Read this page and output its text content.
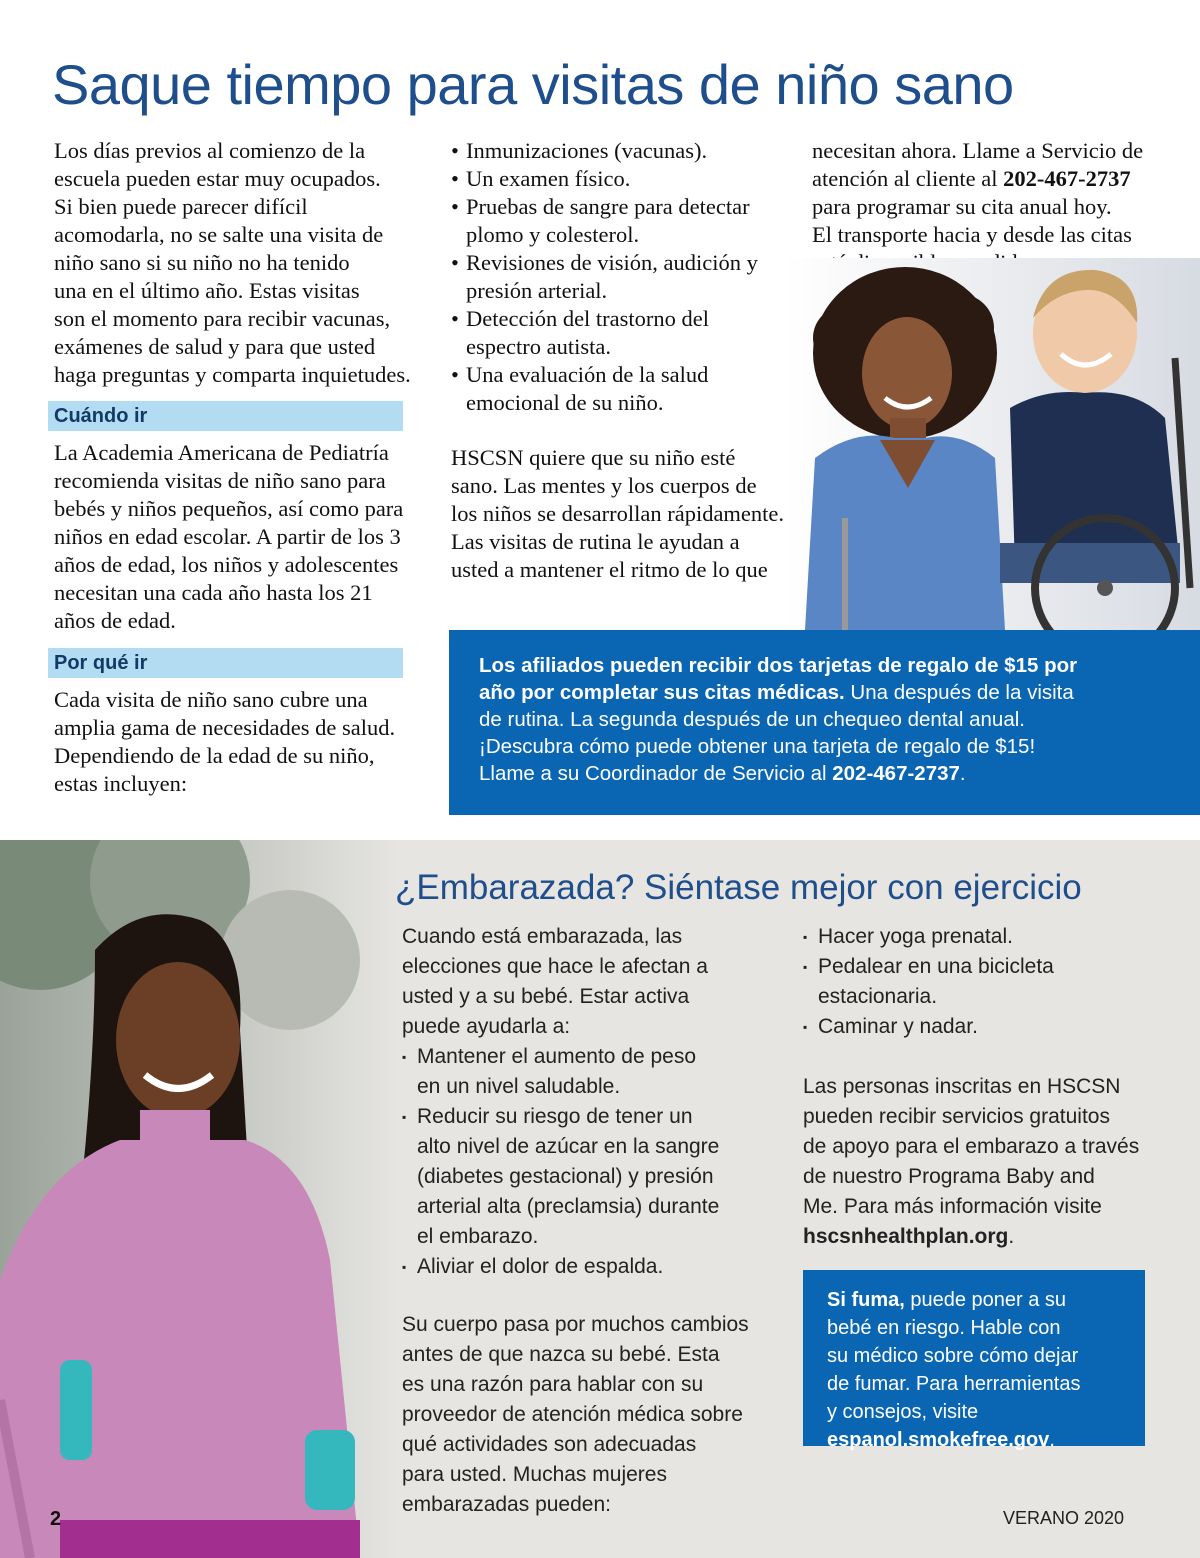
Saque tiempo para visitas de niño sano

Los días previos al comienzo de la

escuela pueden estar muy ocupados.

Si bien puede parecer difícil

acomodarla, no se salte una visita de

niño sano si su niño no ha tenido

una en el último año. Estas visitas

son el momento para recibir vacunas,

exámenes de salud y para que usted

haga preguntas y comparta inquietudes.

Cuándo ir

La Academia Americana de Pediatría

recomienda visitas de niño sano para

bebés y niños pequeños, así como para

niños en edad escolar. A partir de los 3

años de edad, los niños y adolescentes

necesitan una cada año hasta los 21

años de edad.

Por qué ir

Cada visita de niño sano cubre una

amplia gama de necesidades de salud.

Dependiendo de la edad de su niño,

estas incluyen:

• Inmunizaciones (vacunas).
• Un examen físico.
• Pruebas de sangre para detectar
plomo y colesterol.
• Revisiones de visión, audición y
presión arterial.
• Detección del trastorno del
espectro autista.
• Una evaluación de la salud
emocional de su niño.

HSCSN quiere que su niño esté

sano. Las mentes y los cuerpos de

los niños se desarrollan rápidamente.

Las visitas de rutina le ayudan a

usted a mantener el ritmo de lo que

necesitan ahora. Llame a Servicio de

atención al cliente al 202-467-2737

para programar su cita anual hoy.

El transporte hacia y desde las citas

Los afiliados pueden recibir dos tarjetas de regalo de $15 por
año por completar sus citas médicas. Una después de la visita
de rutina. La segunda después de un chequeo dental anual.
¡Descubra cómo puede obtener una tarjeta de regalo de $15!
Llame a su Coordinador de Servicio al 202-467-2737.
¿Embarazada? Siéntase mejor con ejercicio

Cuando está embarazada, las

elecciones que hace le afectan a

usted y a su bebé. Estar activa

puede ayudarla a:

▪ Mantener el aumento de peso
en un nivel saludable.
▪ Reducir su riesgo de tener un
alto nivel de azúcar en la sangre
(diabetes gestacional) y presión
arterial alta (preclamsia) durante
el embarazo.
▪ Aliviar el dolor de espalda.

Su cuerpo pasa por muchos cambios

antes de que nazca su bebé. Esta

es una razón para hablar con su

proveedor de atención médica sobre

qué actividades son adecuadas

para usted. Muchas mujeres

embarazadas pueden:

▪ Hacer yoga prenatal.
▪ Pedalear en una bicicleta
estacionaria.
▪ Caminar y nadar.

Las personas inscritas en HSCSN

pueden recibir servicios gratuitos

de apoyo para el embarazo a través

de nuestro Programa Baby and

Me. Para más información visite

hscsnhealthplan.org.

Si fuma, puede poner a su
bebé en riesgo. Hable con
su médico sobre cómo dejar
de fumar. Para herramientas
y consejos, visite
espanol.smokefree.gov.
2	VERANO 2020
